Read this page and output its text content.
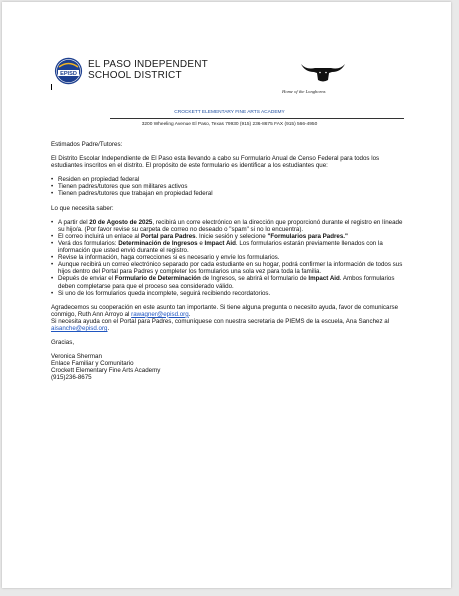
EPISD
EL PASO INDEPENDENT
SCHOOL DISTRICT
Home of the Longhorns
CROCKETT ELEMENTARY FINE ARTS ACADEMY
3200 Wheeling Avenue El Paso, Texas 79930 (915) 236-8675 FAX (915) 566-4950

Estimados Padre/Tutores:

El Distrito Escolar Independiente de El Paso esta llevando a cabo su Formulario Anual de Censo Federal para todos los estudiantes inscritos en el distrito. El propósito de este formulario es identificar a los estudiantes que:

• Residen en propiedad federal
• Tienen padres/tutores que son militares activos
• Tienen padres/tutores que trabajan en propiedad federal

Lo que necesita saber:

• A partir del 20 de Agosto de 2025, recibirá un corre electrónico en la dirección que proporcionó durante el registro en líneade su hijo/a. (Por favor revise su carpeta de correo no deseado o "spam" si no lo encuentra).
• El correo incluirá un enlace al Portal para Padres. Inicie sesión y selecione "Formularios para Padres."
• Verá dos formularios: Determinación de Ingresos e Impact Aid. Los formularios estarán previamente llenados con la información que usted envió durante el registro.
• Revise la información, haga correcciones si es necesario y envíe los formularios.
• Aunque recibirá un correo electrónico separado por cada estudiante en su hogar, podrá confirmer la información de todos sus hijos dentro del Portal para Padres y completer los formularios una sola vez para toda la familia.
• Depués de enviar el Formulario de Determinación de Ingresos, se abrirá el formulario de Impact Aid. Ambos formularios deben completarse para que el proceso sea considerado válido.
• Si uno de los formularios queda incomplete, seguirá recibiendo recordatorios.

Agradecemos su cooperación en este asunto tan importante. Si tiene alguna pregunta o necesito ayuda, favor de comunicarse conmigo, Ruth Ann Arroyo al rawagner@episd.org.

Si necesita ayuda con el Portal para Padres, comuníquese con nuestra secretaria de PIEMS de la escuela, Ana Sanchez al aisanche@episd.org.

Gracias,

Veronica Sherman

Enlace Familiar y Comunitario

Crockett Elementary Fine Arts Academy

(915)236-8675
